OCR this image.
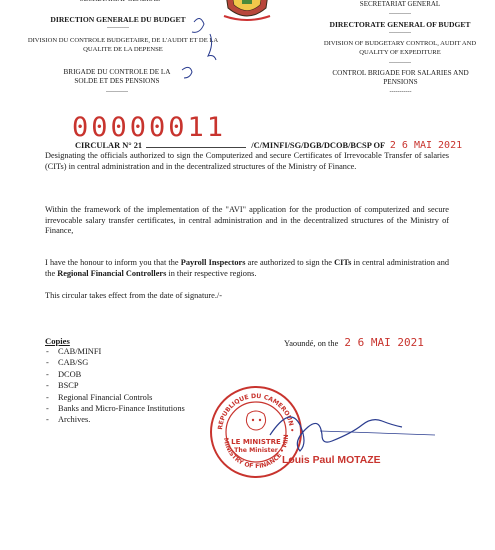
DIRECTION GENERALE DU BUDGET
-----------
DIVISION DU CONTROLE BUDGETAIRE, DE L'AUDIT ET DE LA QUALITE DE LA DEPENSE
BRIGADE DU CONTROLE DE LA SOLDE ET DES PENSIONS
-----------
SECRETARIAT GENERAL
-----------
DIRECTORATE GENERAL OF BUDGET
-----------
DIVISION OF BUDGETARY CONTROL, AUDIT AND QUALITY OF EXPEDITURE
-----------
CONTROL BRIGADE FOR SALARIES AND PENSIONS
-----------
00000011
CIRCULAR N° 21	/C/MINFI/SG/DGB/DCOB/BCSP OF 2 6 MAI 2021
Designating the officials authorized to sign the Computerized and secure Certificates of Irrevocable Transfer of salaries (CITs) in central administration and in the decentralized structures of the Ministry of Finance.
Within the framework of the implementation of the "AVI" application for the production of computerized and secure irrevocable salary transfer certificates, in central administration and in the decentralized structures of the Ministry of Finance,
I have the honour to inform you that the Payroll Inspectors are authorized to sign the CITs in central administration and the Regional Financial Controllers in their respective regions.
This circular takes effect from the date of signature./-
Copies
- CAB/MINFI
- CAB/SG
- DCOB
- BSCP
- Regional Financial Controls
- Banks and Micro-Finance Institutions
- Archives.
Yaoundé, on the 2 6 MAI 2021
REPUBLIQUE DU CAMEROUN •
MINISTRY OF FINANCE • MIN
LE MINISTRE
The Minister
Louis Paul MOTAZE
